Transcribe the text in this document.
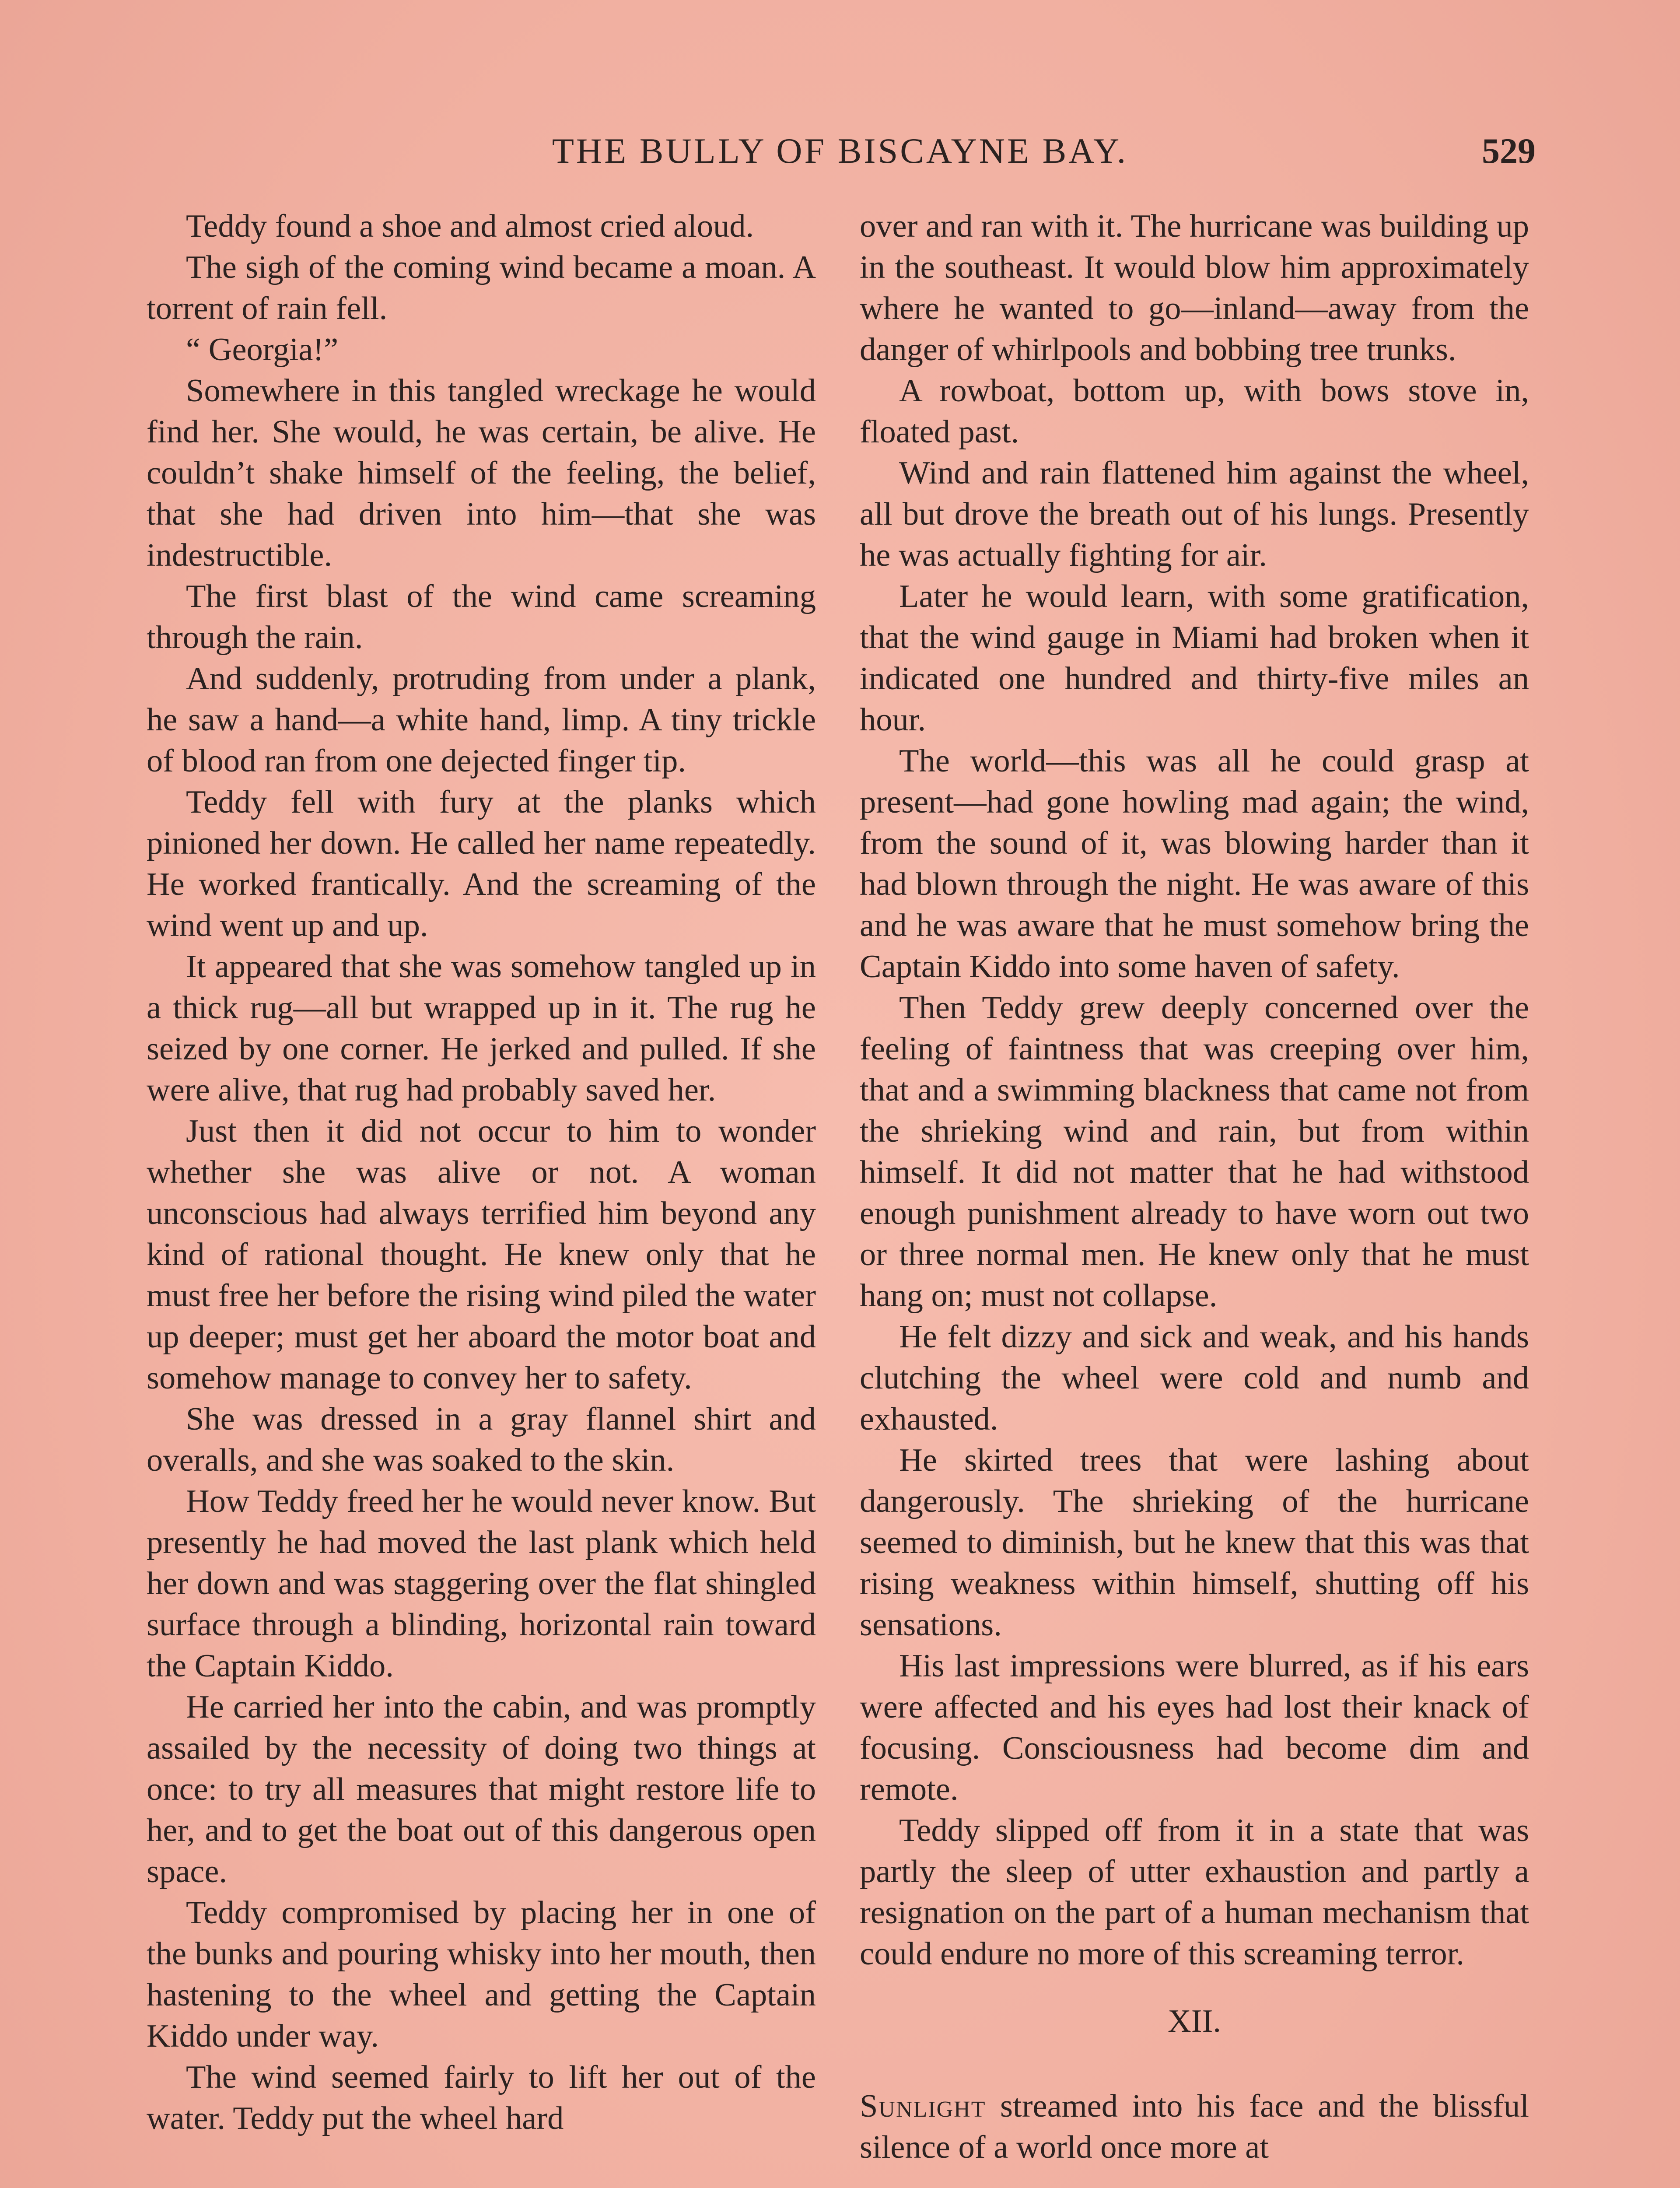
THE BULLY OF BISCAYNE BAY.	529

Teddy found a shoe and almost cried aloud.

The sigh of the coming wind became a moan. A torrent of rain fell.

“ Georgia!”

Somewhere in this tangled wreckage he would find her. She would, he was certain, be alive. He couldn’t shake himself of the feeling, the belief, that she had driven into him—that she was indestructible.

The first blast of the wind came screaming through the rain.

And suddenly, protruding from under a plank, he saw a hand—a white hand, limp. A tiny trickle of blood ran from one dejected finger tip.

Teddy fell with fury at the planks which pinioned her down. He called her name repeatedly. He worked frantically. And the screaming of the wind went up and up.

It appeared that she was somehow tangled up in a thick rug—all but wrapped up in it. The rug he seized by one corner. He jerked and pulled. If she were alive, that rug had probably saved her.

Just then it did not occur to him to wonder whether she was alive or not. A woman unconscious had always terrified him beyond any kind of rational thought. He knew only that he must free her before the rising wind piled the water up deeper; must get her aboard the motor boat and somehow manage to convey her to safety.

She was dressed in a gray flannel shirt and overalls, and she was soaked to the skin.

How Teddy freed her he would never know. But presently he had moved the last plank which held her down and was staggering over the flat shingled surface through a blinding, horizontal rain toward the Captain Kiddo.

He carried her into the cabin, and was promptly assailed by the necessity of doing two things at once: to try all measures that might restore life to her, and to get the boat out of this dangerous open space.

Teddy compromised by placing her in one of the bunks and pouring whisky into her mouth, then hastening to the wheel and getting the Captain Kiddo under way.

The wind seemed fairly to lift her out of the water. Teddy put the wheel hard

over and ran with it. The hurricane was building up in the southeast. It would blow him approximately where he wanted to go—inland—away from the danger of whirlpools and bobbing tree trunks.

A rowboat, bottom up, with bows stove in, floated past.

Wind and rain flattened him against the wheel, all but drove the breath out of his lungs. Presently he was actually fighting for air.

Later he would learn, with some gratification, that the wind gauge in Miami had broken when it indicated one hundred and thirty-five miles an hour.

The world—this was all he could grasp at present—had gone howling mad again; the wind, from the sound of it, was blowing harder than it had blown through the night. He was aware of this and he was aware that he must somehow bring the Captain Kiddo into some haven of safety.

Then Teddy grew deeply concerned over the feeling of faintness that was creeping over him, that and a swimming blackness that came not from the shrieking wind and rain, but from within himself. It did not matter that he had withstood enough punishment already to have worn out two or three normal men. He knew only that he must hang on; must not collapse.

He felt dizzy and sick and weak, and his hands clutching the wheel were cold and numb and exhausted.

He skirted trees that were lashing about dangerously. The shrieking of the hurricane seemed to diminish, but he knew that this was that rising weakness within himself, shutting off his sensations.

His last impressions were blurred, as if his ears were affected and his eyes had lost their knack of focusing. Consciousness had become dim and remote.

Teddy slipped off from it in a state that was partly the sleep of utter exhaustion and partly a resignation on the part of a human mechanism that could endure no more of this screaming terror.

XII.

Sunlight streamed into his face and the blissful silence of a world once more at
